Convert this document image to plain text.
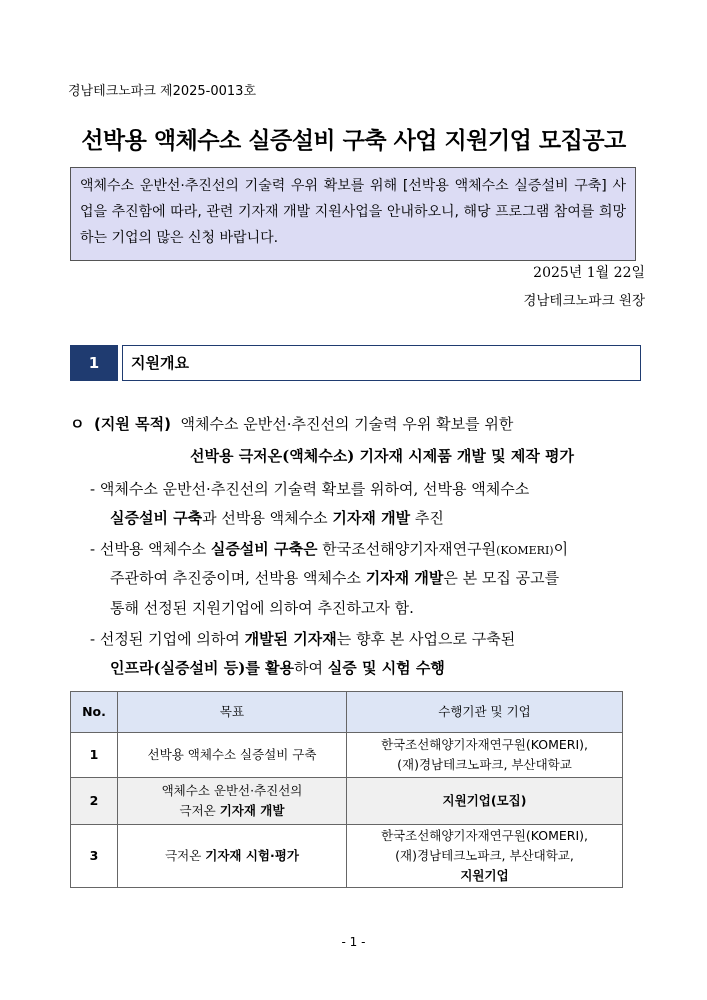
경남테크노파크 제2025-0013호
선박용 액체수소 실증설비 구축 사업 지원기업 모집공고
액체수소 운반선·추진선의 기술력 우위 확보를 위해 [선박용 액체수소 실증설비 구축] 사업을 추진함에 따라, 관련 기자재 개발 지원사업을 안내하오니, 해당 프로그램 참여를 희망하는 기업의 많은 신청 바랍니다.
2025년 1월 22일
경남테크노파크 원장
1	지원개요
ㅇ (지원 목적) 액체수소 운반선·추진선의 기술력 우위 확보를 위한
선박용 극저온(액체수소) 기자재 시제품 개발 및 제작 평가
- 액체수소 운반선·추진선의 기술력 확보를 위하여, 선박용 액체수소
실증설비 구축과 선박용 액체수소 기자재 개발 추진
- 선박용 액체수소 실증설비 구축은 한국조선해양기자재연구원(KOMERI)이
주관하여 추진중이며, 선박용 액체수소 기자재 개발은 본 모집 공고를
통해 선정된 지원기업에 의하여 추진하고자 함.
- 선정된 기업에 의하여 개발된 기자재는 향후 본 사업으로 구축된
인프라(실증설비 등)를 활용하여 실증 및 시험 수행
No.	목표	수행기관 및 기업
1	선박용 액체수소 실증설비 구축	한국조선해양기자재연구원(KOMERI),
(재)경남테크노파크, 부산대학교

2	액체수소 운반선·추진선의
극저온 기자재 개발	지원기업(모집)
3	극저온 기자재 시험·평가	한국조선해양기자재연구원(KOMERI),
(재)경남테크노파크, 부산대학교,
지원기업
- 1 -
